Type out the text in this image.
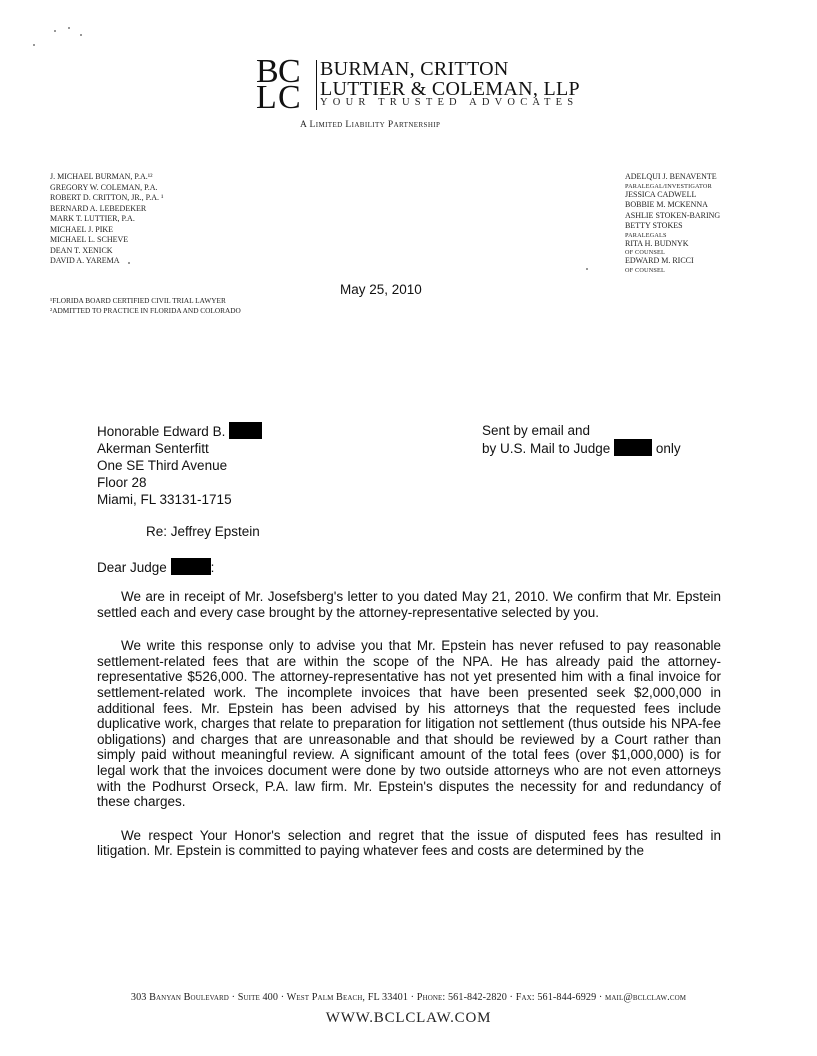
B C
L C
BURMAN, CRITTON
LUTTIER & COLEMAN, LLP
YOUR TRUSTED ADVOCATES
A Limited Liability Partnership
J. MICHAEL BURMAN, P.A.¹²
GREGORY W. COLEMAN, P.A.
ROBERT D. CRITTON, JR., P.A. ¹
BERNARD A. LEBEDEKER
MARK T. LUTTIER, P.A.
MICHAEL J. PIKE
MICHAEL L. SCHEVE
DEAN T. XENICK
DAVID A. YAREMA
¹FLORIDA BOARD CERTIFIED CIVIL TRIAL LAWYER
²ADMITTED TO PRACTICE IN FLORIDA AND COLORADO
ADELQUI J. BENAVENTE
PARALEGAL/INVESTIGATOR
JESSICA CADWELL
BOBBIE M. MCKENNA
ASHLIE STOKEN-BARING
BETTY STOKES
PARALEGALS
RITA H. BUDNYK
OF COUNSEL
EDWARD M. RICCI
OF COUNSEL
May 25, 2010
Honorable Edward B.
Akerman Senterfitt
One SE Third Avenue
Floor 28
Miami, FL 33131-1715
Sent by email and
by U.S. Mail to Judge	only
Re: Jeffrey Epstein
Dear Judge	:

We are in receipt of Mr. Josefsberg's letter to you dated May 21, 2010. We confirm that Mr. Epstein settled each and every case brought by the attorney-representative selected by you.

We write this response only to advise you that Mr. Epstein has never refused to pay reasonable settlement-related fees that are within the scope of the NPA. He has already paid the attorney-representative $526,000. The attorney-representative has not yet presented him with a final invoice for settlement-related work. The incomplete invoices that have been presented seek $2,000,000 in additional fees. Mr. Epstein has been advised by his attorneys that the requested fees include duplicative work, charges that relate to preparation for litigation not settlement (thus outside his NPA-fee obligations) and charges that are unreasonable and that should be reviewed by a Court rather than simply paid without meaningful review. A significant amount of the total fees (over $1,000,000) is for legal work that the invoices document were done by two outside attorneys who are not even attorneys with the Podhurst Orseck, P.A. law firm. Mr. Epstein's disputes the necessity for and redundancy of these charges.

We respect Your Honor's selection and regret that the issue of disputed fees has resulted in litigation. Mr. Epstein is committed to paying whatever fees and costs are determined by the

303 Banyan Boulevard · Suite 400 · West Palm Beach, FL 33401 · Phone: 561-842-2820 · Fax: 561-844-6929 · mail@bclclaw.com
WWW.BCLCLAW.COM
